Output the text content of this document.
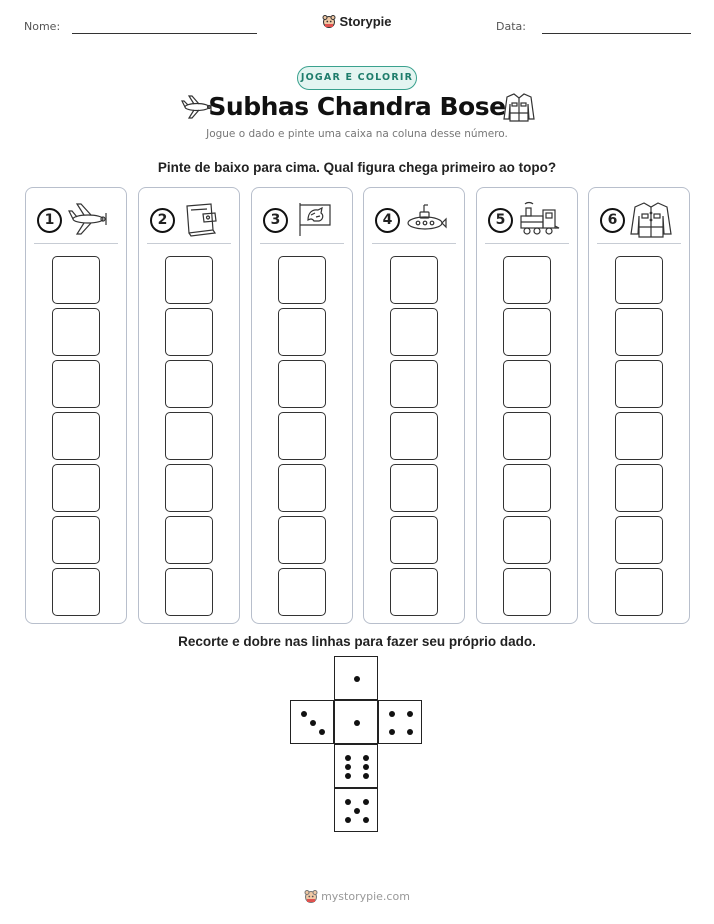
Nome:	Storypie	Data:
JOGAR E COLORIR
Subhas Chandra Bose
Jogue o dado e pinte uma caixa na coluna desse número.
Pinte de baixo para cima. Qual figura chega primeiro ao topo?
1	2	3	4	5	6
Recorte e dobre nas linhas para fazer seu próprio dado.
mystorypie.com
